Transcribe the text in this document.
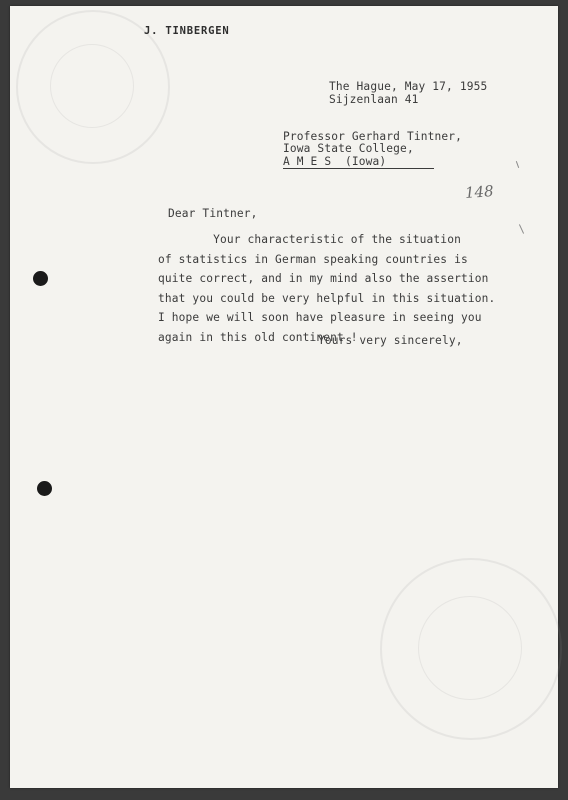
J. TINBERGEN
The Hague, May 17, 1955
Sijzenlaan 41
Professor Gerhard Tintner,
Iowa State College,
A M E S  (Iowa)
148
Dear Tintner,
Your characteristic of the situation
of statistics in German speaking countries is
quite correct, and in my mind also the assertion
that you could be very helpful in this situation.
I hope we will soon have pleasure in seeing you
again in this old continent !
Yours very sincerely,
